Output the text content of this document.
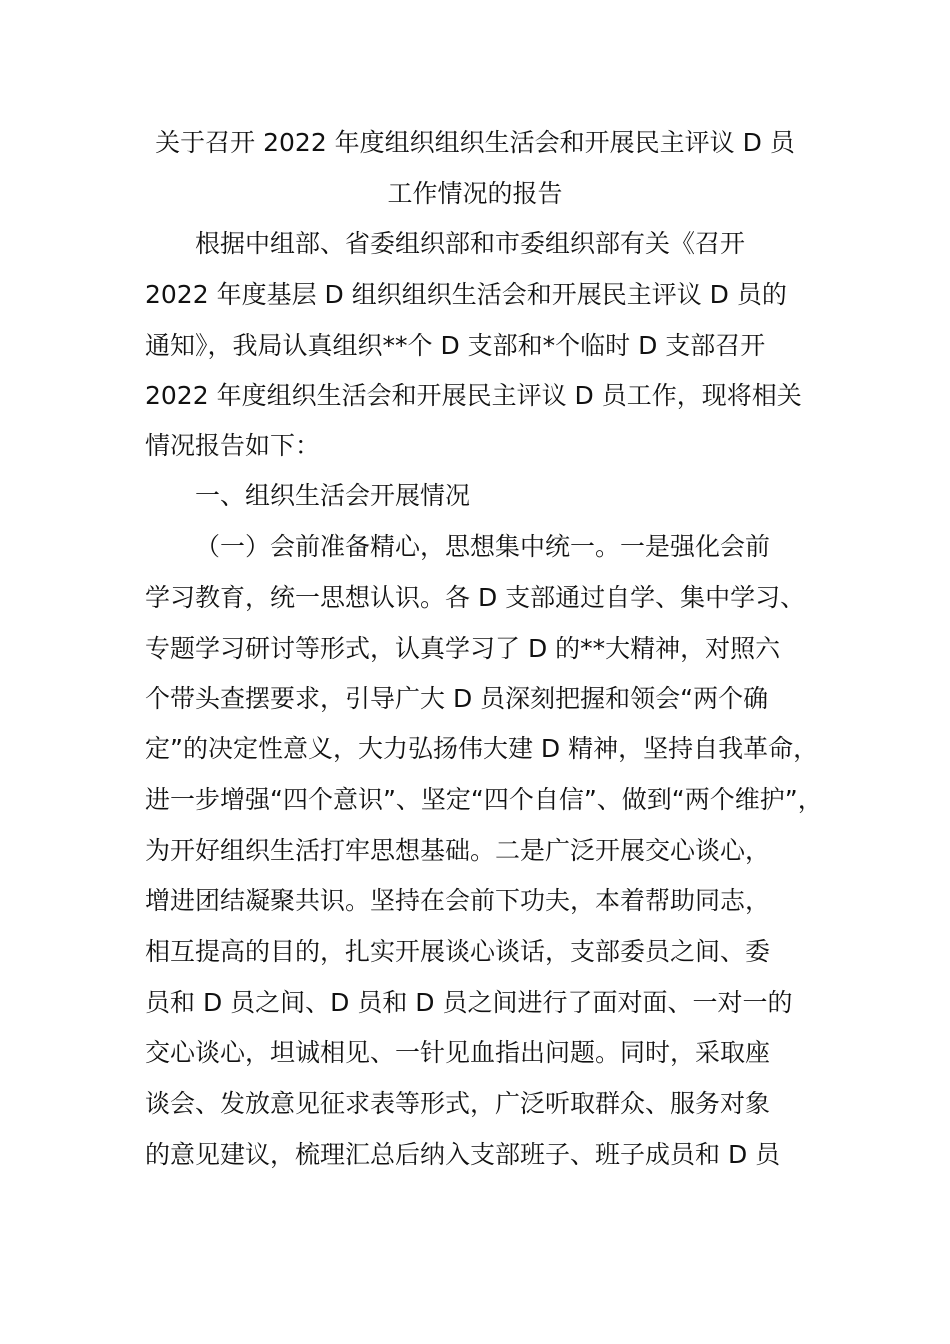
关于召开 2022 年度组织组织生活会和开展民主评议 D 员
工作情况的报告
根据中组部、省委组织部和市委组织部有关《召开
2022 年度基层 D 组织组织生活会和开展民主评议 D 员的
通知》，我局认真组织**个 D 支部和*个临时 D 支部召开
2022 年度组织生活会和开展民主评议 D 员工作，现将相关
情况报告如下：
一、组织生活会开展情况
（一）会前准备精心，思想集中统一。一是强化会前
学习教育，统一思想认识。各 D 支部通过自学、集中学习、
专题学习研讨等形式，认真学习了 D 的**大精神，对照六
个带头查摆要求，引导广大 D 员深刻把握和领会“两个确
定”的决定性意义，大力弘扬伟大建 D 精神，坚持自我革命，
进一步增强“四个意识”、坚定“四个自信”、做到“两个维护”，
为开好组织生活打牢思想基础。二是广泛开展交心谈心，
增进团结凝聚共识。坚持在会前下功夫，本着帮助同志，
相互提高的目的，扎实开展谈心谈话，支部委员之间、委
员和 D 员之间、D 员和 D 员之间进行了面对面、一对一的
交心谈心，坦诚相见、一针见血指出问题。同时，采取座
谈会、发放意见征求表等形式，广泛听取群众、服务对象
的意见建议，梳理汇总后纳入支部班子、班子成员和 D 员
